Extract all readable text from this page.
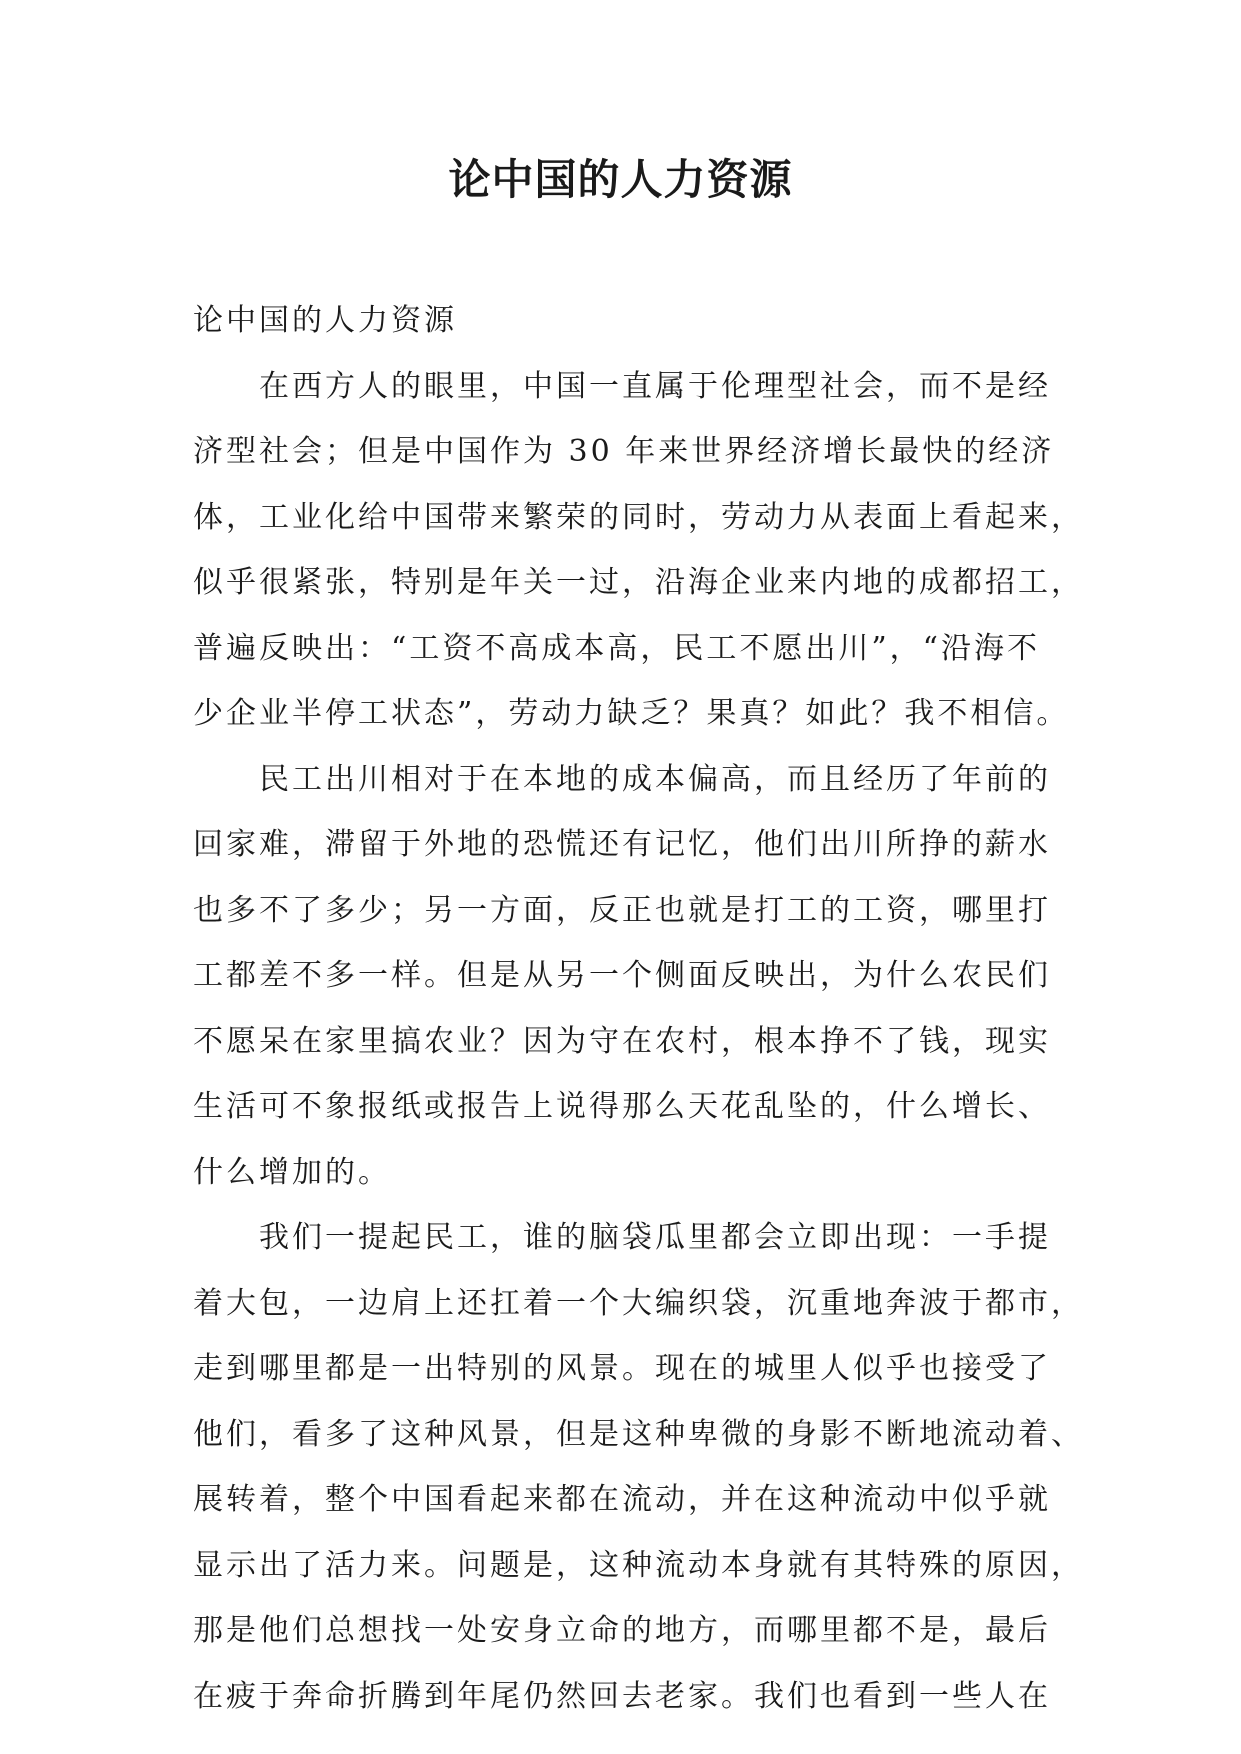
论中国的人力资源
论中国的人力资源
在西方人的眼里，中国一直属于伦理型社会，而不是经
济型社会；但是中国作为 30 年来世界经济增长最快的经济
体，工业化给中国带来繁荣的同时，劳动力从表面上看起来，
似乎很紧张，特别是年关一过，沿海企业来内地的成都招工，
普遍反映出：“工资不高成本高，民工不愿出川”，“沿海不
少企业半停工状态”，劳动力缺乏？果真？如此？我不相信。
民工出川相对于在本地的成本偏高，而且经历了年前的
回家难，滞留于外地的恐慌还有记忆，他们出川所挣的薪水
也多不了多少；另一方面，反正也就是打工的工资，哪里打
工都差不多一样。但是从另一个侧面反映出，为什么农民们
不愿呆在家里搞农业？因为守在农村，根本挣不了钱，现实
生活可不象报纸或报告上说得那么天花乱坠的，什么增长、
什么增加的。
我们一提起民工，谁的脑袋瓜里都会立即出现：一手提
着大包，一边肩上还扛着一个大编织袋，沉重地奔波于都市，
走到哪里都是一出特别的风景。现在的城里人似乎也接受了
他们，看多了这种风景，但是这种卑微的身影不断地流动着、
展转着，整个中国看起来都在流动，并在这种流动中似乎就
显示出了活力来。问题是，这种流动本身就有其特殊的原因，
那是他们总想找一处安身立命的地方，而哪里都不是，最后
在疲于奔命折腾到年尾仍然回去老家。我们也看到一些人在
